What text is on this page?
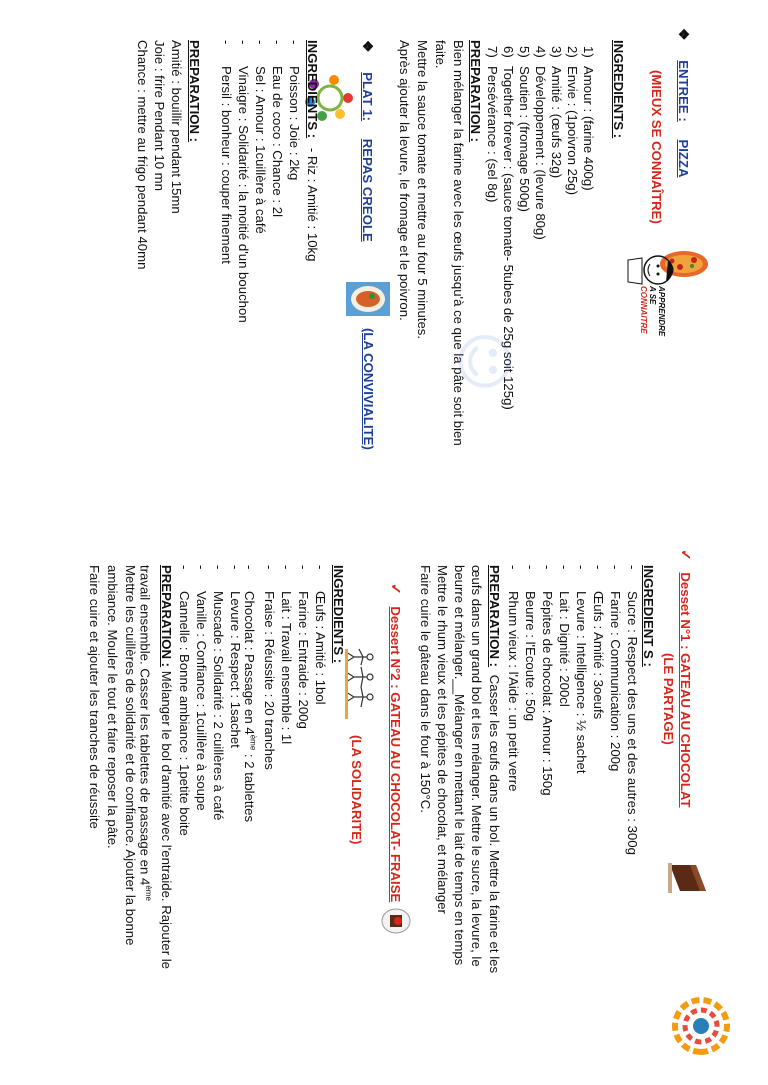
❖ ENTREE : PIZZA
(MIEUX SE CONNAÎTRE)
APPRENDRE
A SE CONNAITRE
INGREDIENTS :
1)Amour : (farine 400g)
2)Envie : (1poivron 25g)
3)Amitié : (œufs 32g)
4)Développement : (levure 80g)
5)Soutien : (fromage 500g)
6)Together forever : (sauce tomate- 5tubes de 25g soit 125g)
7)Persévérance : (sel 8g)
PREPARATION :
Bien mélanger la farine avec les œufs jusqu'à ce que la pâte soit bien
faite.
Mettre la sauce tomate et mettre au four 5 minutes.
Après ajouter la levure, le fromage et le poivron.
❖ PLAT 1: REPAS CREOLE
(LA CONVIVIALITE)
INGREDIENTS : - Riz : Amitié : 10kg
-Poisson : Joie : 2kg
-Eau de coco : Chance : 2l
-Sel : Amour : 1cuillère à café
-Vinaigre : Solidarité : la moitié d'un bouchon
-Persil : bonheur : couper finement
PREPARATION :
Amitié : bouillir pendant 15mn
Joie : frire Pendant 10 mn
Chance : mettre au frigo pendant 40mn
☺
✓ Desset N°1 : GATEAU AU CHOCOLAT
(LE PARTAGE)
INGREDIENT S :
-Sucre : Respect des uns et des autres : 300g
-Farine : Communication : 200g
-Œufs : Amitié : 3oeufs
-Levure : Intelligence : ½ sachet
-Lait : Dignité : 200cl
-Pépites de chocolat : Amour : 150g
-Beurre : l'Ecoute : 50g
-Rhum vieux : l'Aide : un petit verre
PREPARATION : Casser les œufs dans un bol. Mettre la farine et les
œufs dans un grand bol et les mélanger. Mettre le sucre, la levure, le
beurre et mélanger.__Mélanger en mettant le lait de temps en temps
Mettre le rhum vieux et les pépites de chocolat, et mélanger
Faire cuire le gâteau dans le four à 150°C.
✓ Dessert N°2 : GATEAU AU CHOCOLAT- FRAISE
(LA SOLIDARITE)
INGREDIENTS :
-Œufs : Amitié : 1bol
-Farine : Entraide : 200g
-Lait : Travail ensemble : 1l
-Fraise : Réussite : 20 tranches
-Chocolat : Passage en 4ème : 2 tablettes
-Levure : Respect : 1sachet
-Muscade : Solidarité : 2 cuillères à café
-Vanille : Confiance : 1cuillère à soupe
-Cannelle : Bonne ambiance : 1petite boite
PREPARATION : Mélanger le bol d'amitié avec l'entraide. Rajouter le
travail ensemble. Casser les tablettes de passage en 4ème
Mettre les cuillères de solidarité et de confiance. Ajouter la bonne
ambiance. Mouler le tout et faire reposer la pâte.
Faire cuire et ajouter les tranches de réussite
